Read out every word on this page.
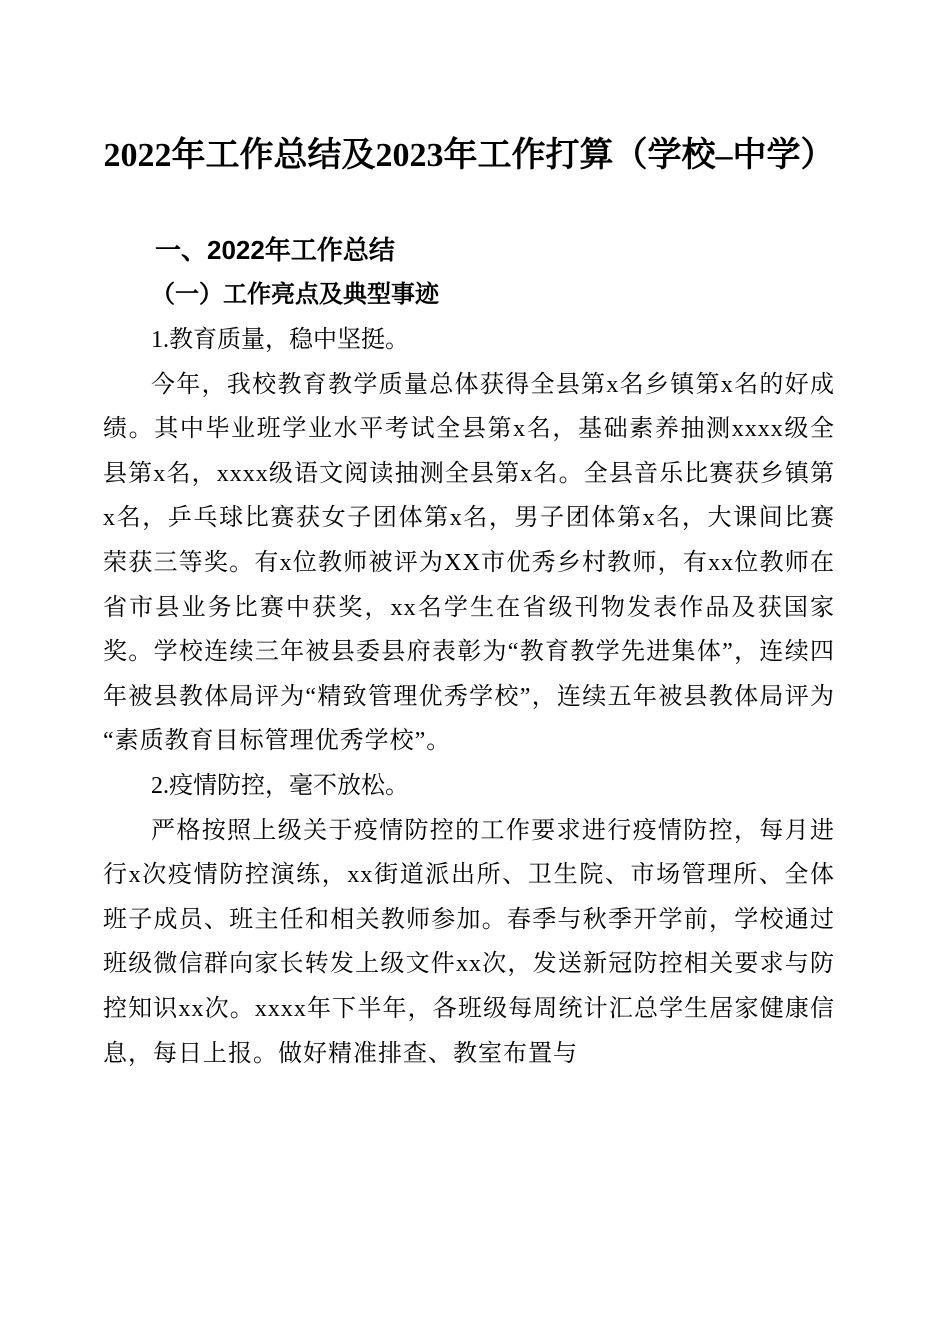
2022年工作总结及2023年工作打算（学校–中学）
一、2022年工作总结
（一）工作亮点及典型事迹

1.教育质量，稳中坚挺。

今年，我校教育教学质量总体获得全县第x名乡镇第x名的好成绩。其中毕业班学业水平考试全县第x名，基础素养抽测xxxx级全县第x名，xxxx级语文阅读抽测全县第x名。全县音乐比赛获乡镇第x名，乒乓球比赛获女子团体第x名，男子团体第x名，大课间比赛荣获三等奖。有x位教师被评为XX市优秀乡村教师，有xx位教师在省市县业务比赛中获奖，xx名学生在省级刊物发表作品及获国家奖。学校连续三年被县委县府表彰为“教育教学先进集体”，连续四年被县教体局评为“精致管理优秀学校”，连续五年被县教体局评为“素质教育目标管理优秀学校”。

2.疫情防控，毫不放松。

严格按照上级关于疫情防控的工作要求进行疫情防控，每月进行x次疫情防控演练，xx街道派出所、卫生院、市场管理所、全体班子成员、班主任和相关教师参加。春季与秋季开学前，学校通过班级微信群向家长转发上级文件xx次，发送新冠防控相关要求与防控知识xx次。xxxx年下半年，各班级每周统计汇总学生居家健康信息，每日上报。做好精准排查、教室布置与
